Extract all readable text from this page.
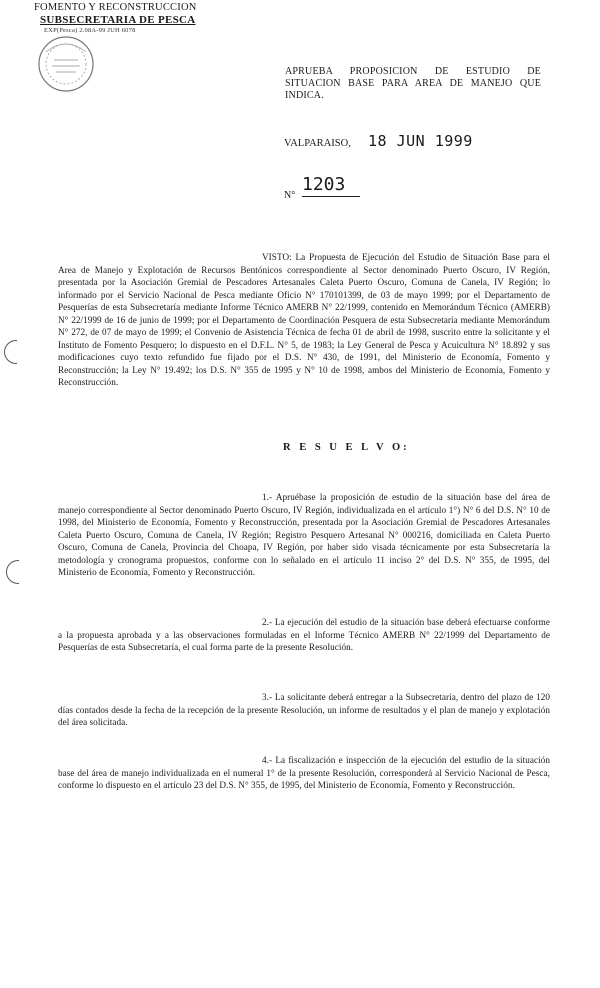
FOMENTO Y RECONSTRUCCION
SUBSECRETARIA DE PESCA
EXP(Pesca) 2.08A-99 JUH 6078
APRUEBA PROPOSICION DE ESTUDIO DE SITUACION BASE PARA AREA DE MANEJO QUE INDICA.
VALPARAISO, 18 JUN 1999
N°
1203
VISTO: La Propuesta de Ejecución del Estudio de Situación Base para el Area de Manejo y Explotación de Recursos Bentónicos correspondiente al Sector denominado Puerto Oscuro, IV Región, presentada por la Asociación Gremial de Pescadores Artesanales Caleta Puerto Oscuro, Comuna de Canela, IV Región; lo informado por el Servicio Nacional de Pesca mediante Oficio N° 170101399, de 03 de mayo 1999; por el Departamento de Pesquerías de esta Subsecretaría mediante Informe Técnico AMERB N° 22/1999, contenido en Memorándum Técnico (AMERB) N° 22/1999 de 16 de junio de 1999; por el Departamento de Coordinación Pesquera de esta Subsecretaría mediante Memorándum N° 272, de 07 de mayo de 1999; el Convenio de Asistencia Técnica de fecha 01 de abril de 1998, suscrito entre la solicitante y el Instituto de Fomento Pesquero; lo dispuesto en el D.F.L. N° 5, de 1983; la Ley General de Pesca y Acuicultura N° 18.892 y sus modificaciones cuyo texto refundido fue fijado por el D.S. N° 430, de 1991, del Ministerio de Economía, Fomento y Reconstrucción; la Ley N° 19.492; los D.S. N° 355 de 1995 y N° 10 de 1998, ambos del Ministerio de Economía, Fomento y Reconstrucción.
R E S U E L V O:
1.- Apruébase la proposición de estudio de la situación base del área de manejo correspondiente al Sector denominado Puerto Oscuro, IV Región, individualizada en el artículo 1°) N° 6 del D.S. N° 10 de 1998, del Ministerio de Economía, Fomento y Reconstrucción, presentada por la Asociación Gremial de Pescadores Artesanales Caleta Puerto Oscuro, Comuna de Canela, IV Región; Registro Pesquero Artesanal N° 000216, domiciliada en Caleta Puerto Oscuro, Comuna de Canela, Provincia del Choapa, IV Región, por haber sido visada técnicamente por esta Subsecretaría la metodología y cronograma propuestos, conforme con lo señalado en el artículo 11 inciso 2° del D.S. N° 355, de 1995, del Ministerio de Economía, Fomento y Reconstrucción.
2.- La ejecución del estudio de la situación base deberá efectuarse conforme a la propuesta aprobada y a las observaciones formuladas en el Informe Técnico AMERB N° 22/1999 del Departamento de Pesquerías de esta Subsecretaría, el cual forma parte de la presente Resolución.
3.- La solicitante deberá entregar a la Subsecretaría, dentro del plazo de 120 días contados desde la fecha de la recepción de la presente Resolución, un informe de resultados y el plan de manejo y explotación del área solicitada.
4.- La fiscalización e inspección de la ejecución del estudio de la situación base del área de manejo individualizada en el numeral 1° de la presente Resolución, corresponderá al Servicio Nacional de Pesca, conforme lo dispuesto en el artículo 23 del D.S. N° 355, de 1995, del Ministerio de Economía, Fomento y Reconstrucción.
